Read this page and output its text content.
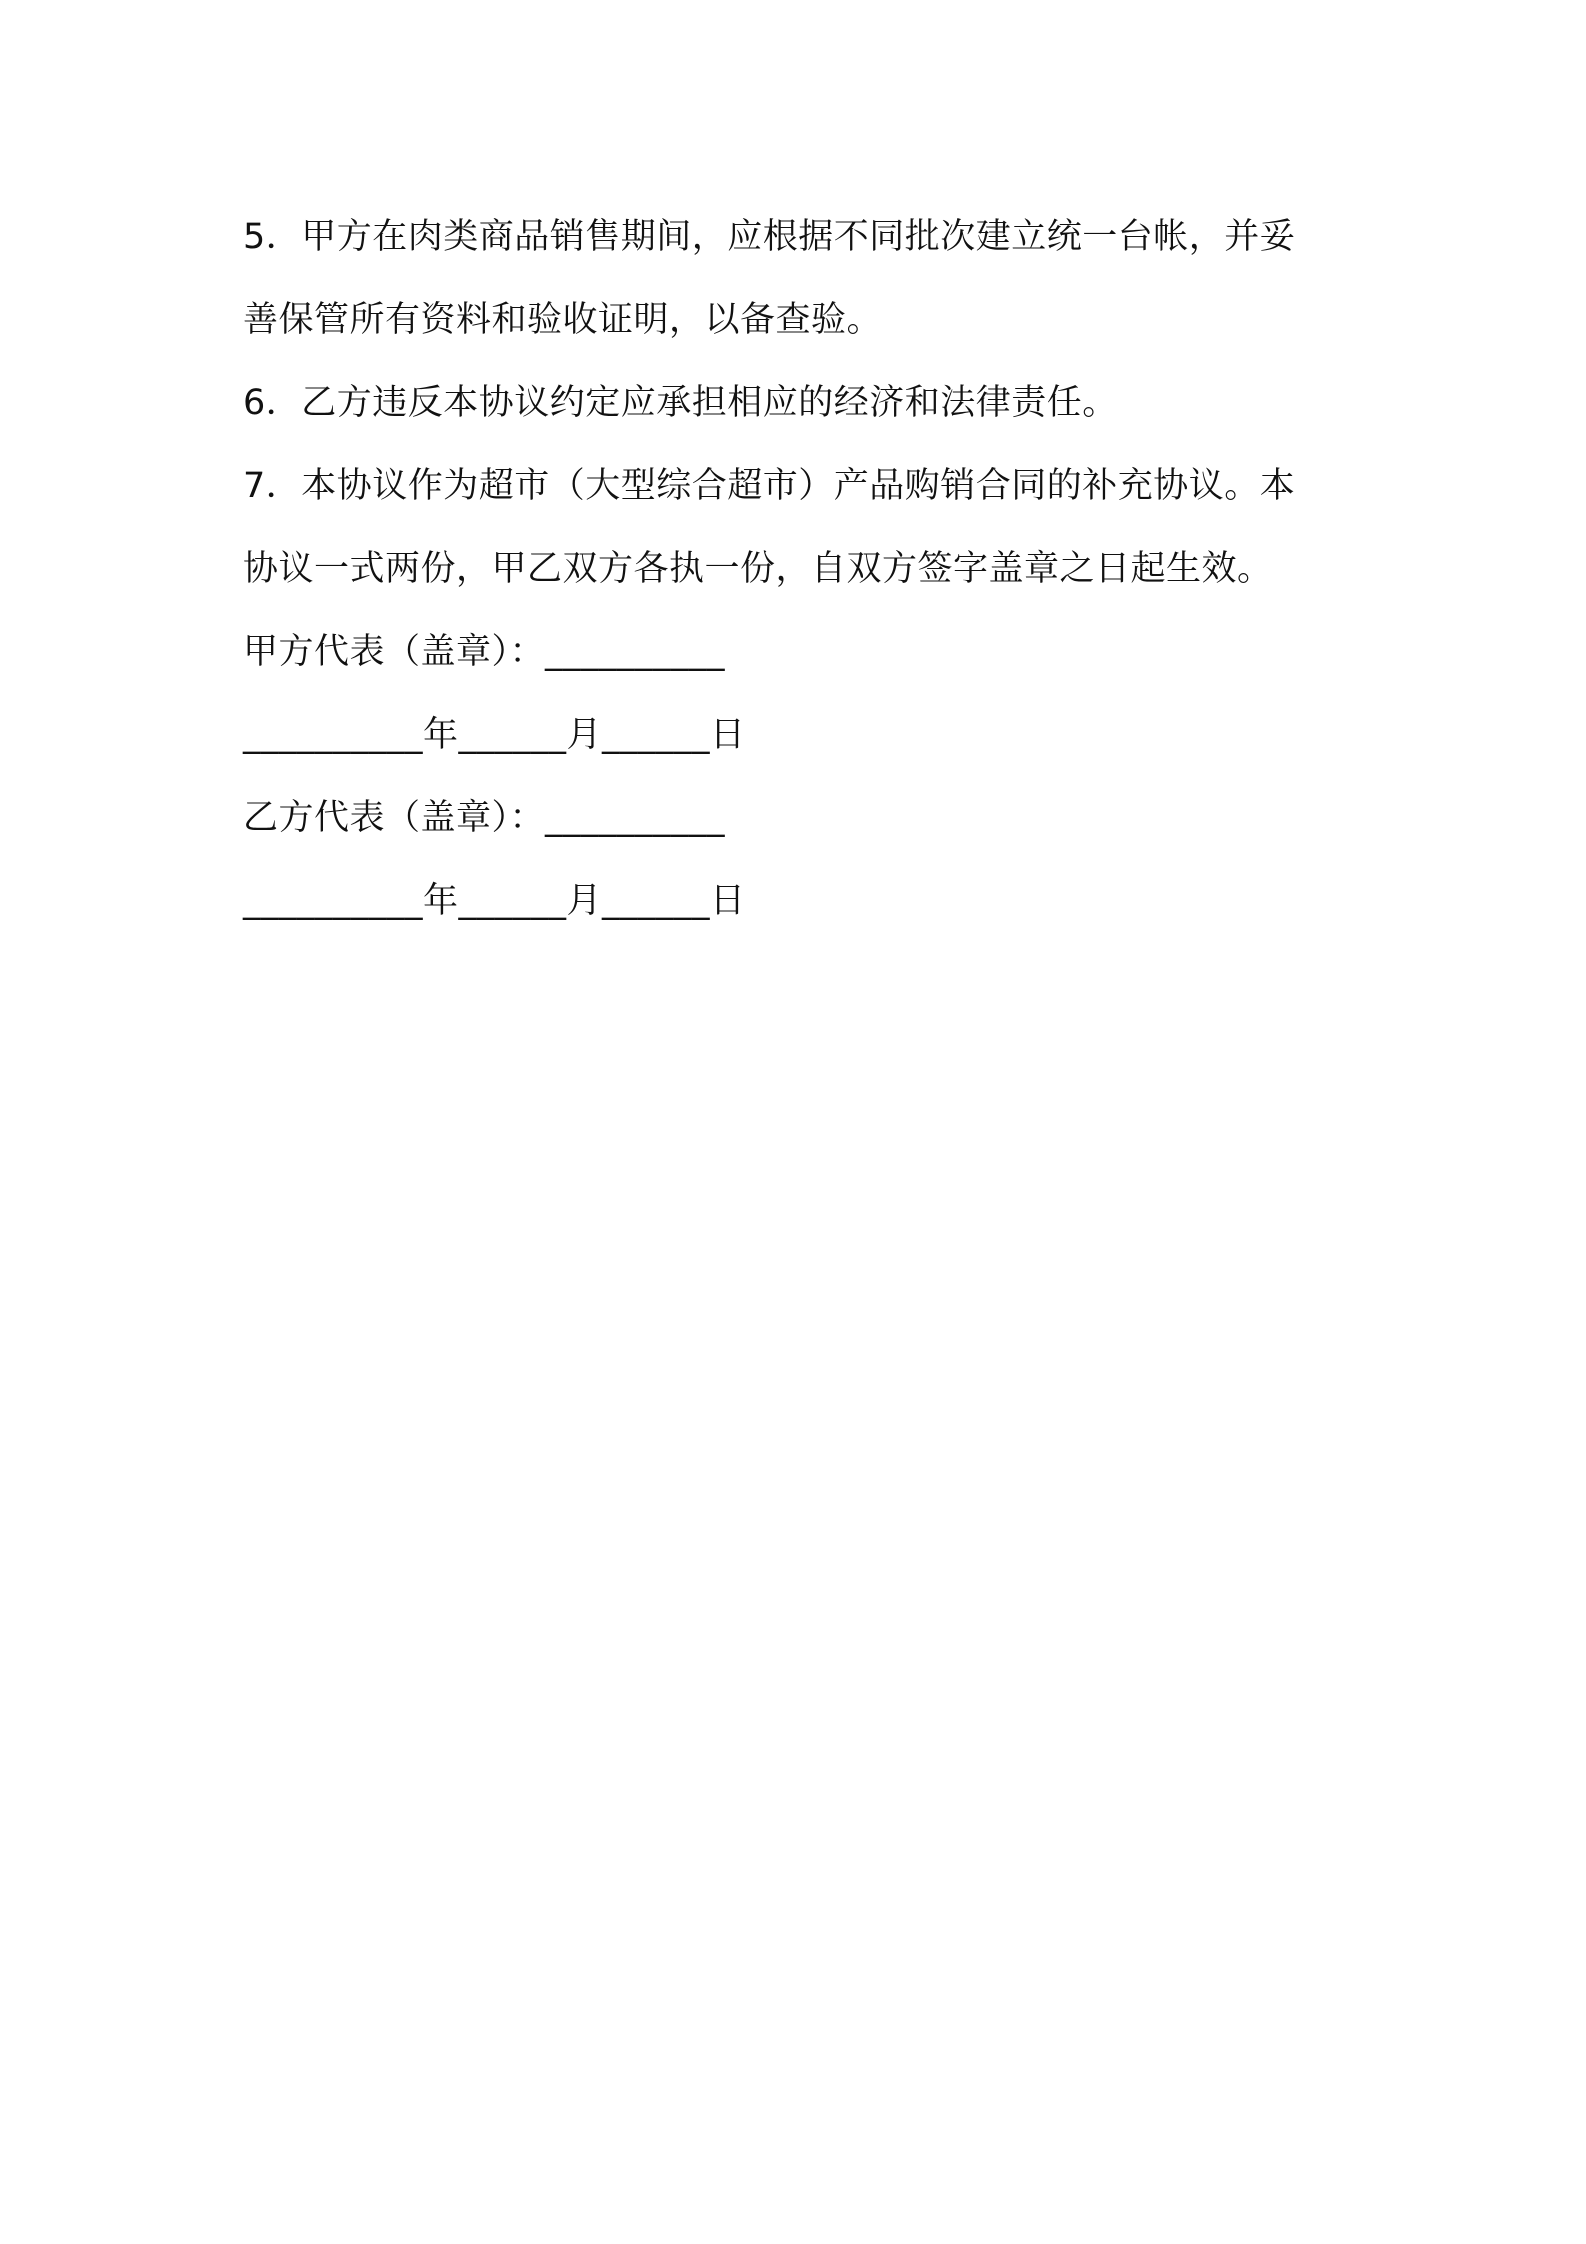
5．甲方在肉类商品销售期间，应根据不同批次建立统一台帐，并妥
善保管所有资料和验收证明，以备查验。
6．乙方违反本协议约定应承担相应的经济和法律责任。
7．本协议作为超市（大型综合超市）产品购销合同的补充协议。本
协议一式两份，甲乙双方各执一份，自双方签字盖章之日起生效。
甲方代表（盖章）：__________
__________年______月______日
乙方代表（盖章）：__________
__________年______月______日
